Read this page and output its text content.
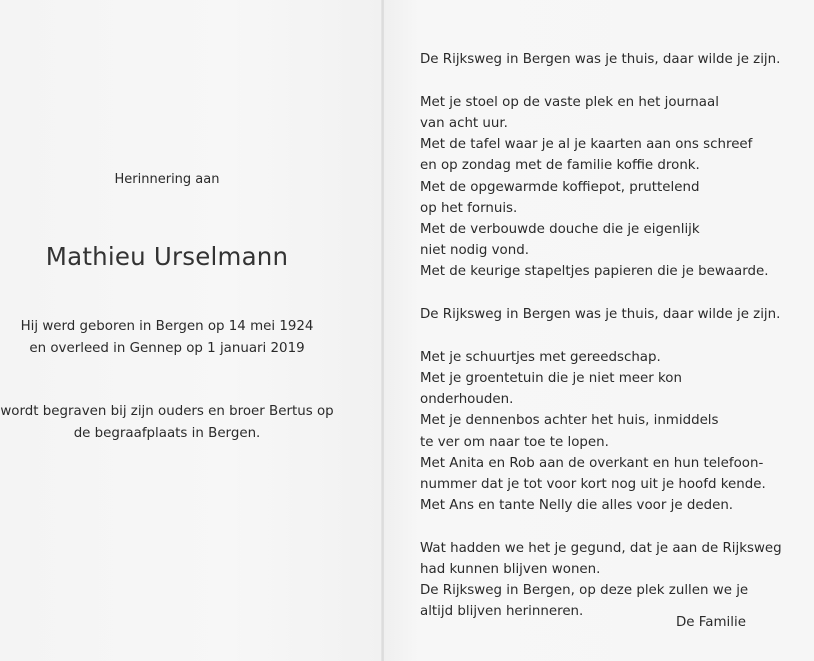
Herinnering aan
Mathieu Urselmann
Hij werd geboren in Bergen op 14 mei 1924
en overleed in Gennep op 1 januari 2019
wordt begraven bij zijn ouders en broer Bertus op
de begraafplaats in Bergen.
De Rijksweg in Bergen was je thuis, daar wilde je zijn.
Met je stoel op de vaste plek en het journaal
van acht uur.
Met de tafel waar je al je kaarten aan ons schreef
en op zondag met de familie koffie dronk.
Met de opgewarmde koffiepot, pruttelend
op het fornuis.
Met de verbouwde douche die je eigenlijk
niet nodig vond.
Met de keurige stapeltjes papieren die je bewaarde.
De Rijksweg in Bergen was je thuis, daar wilde je zijn.
Met je schuurtjes met gereedschap.
Met je groentetuin die je niet meer kon
onderhouden.
Met je dennenbos achter het huis, inmiddels
te ver om naar toe te lopen.
Met Anita en Rob aan de overkant en hun telefoon-
nummer dat je tot voor kort nog uit je hoofd kende.
Met Ans en tante Nelly die alles voor je deden.
Wat hadden we het je gegund, dat je aan de Rijksweg
had kunnen blijven wonen.
De Rijksweg in Bergen, op deze plek zullen we je
altijd blijven herinneren.
De Familie
